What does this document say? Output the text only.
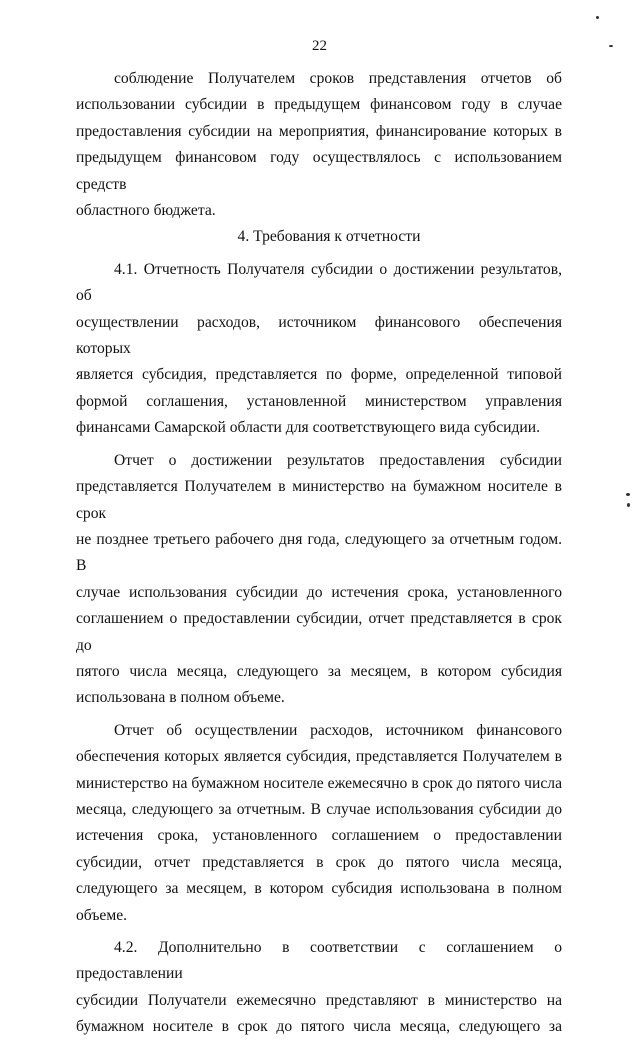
22

соблюдение Получателем сроков представления отчетов об

использовании субсидии в предыдущем финансовом году в случае

предоставления субсидии на мероприятия, финансирование которых в

предыдущем финансовом году осуществлялось с использованием средств

областного бюджета.

4. Требования к отчетности

4.1. Отчетность Получателя субсидии о достижении результатов, об

осуществлении расходов, источником финансового обеспечения которых

является субсидия, представляется по форме, определенной типовой

формой соглашения, установленной министерством управления

финансами Самарской области для соответствующего вида субсидии.

Отчет о достижении результатов предоставления субсидии

представляется Получателем в министерство на бумажном носителе в срок

не позднее третьего рабочего дня года, следующего за отчетным годом. В

случае использования субсидии до истечения срока, установленного

соглашением о предоставлении субсидии, отчет представляется в срок до

пятого числа месяца, следующего за месяцем, в котором субсидия

использована в полном объеме.

Отчет об осуществлении расходов, источником финансового

обеспечения которых является субсидия, представляется Получателем в

министерство на бумажном носителе ежемесячно в срок до пятого числа

месяца, следующего за отчетным. В случае использования субсидии до

истечения срока, установленного соглашением о предоставлении

субсидии, отчет представляется в срок до пятого числа месяца,

следующего за месяцем, в котором субсидия использована в полном

объеме.

4.2. Дополнительно в соответствии с соглашением о предоставлении

субсидии Получатели ежемесячно представляют в министерство на

бумажном носителе в срок до пятого числа месяца, следующего за
